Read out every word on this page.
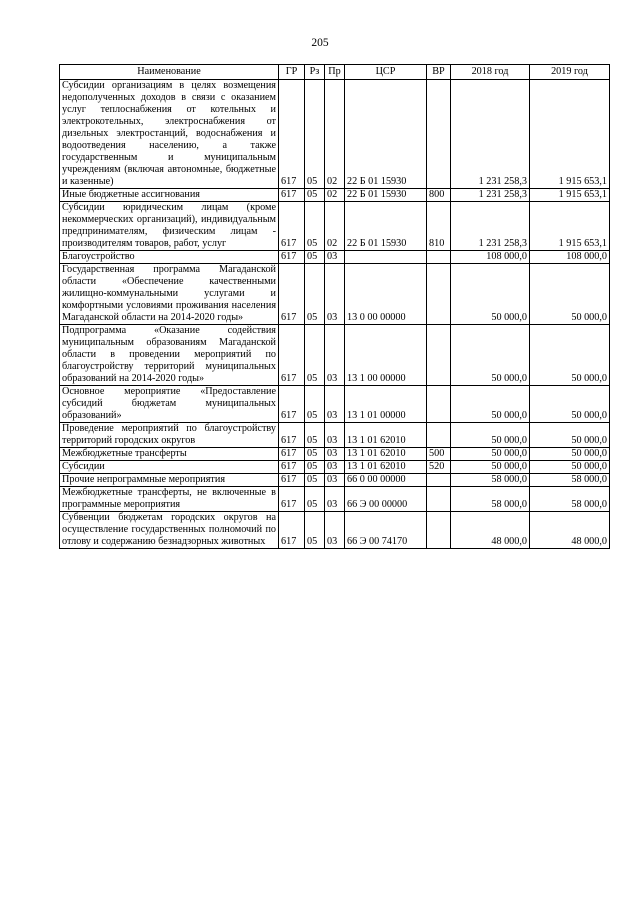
205
Наименование	ГР	Рз	Пр	ЦСР	ВР	2018 год	2019 год
Субсидии организациям в целях возмещения недополученных доходов в связи с оказанием услуг теплоснабжения от котельных и электрокотельных, электроснабжения от дизельных электростанций, водоснабжения и водоотведения населению, а также государственным и муниципальным учреждениям (включая автономные, бюджетные и казенные)	617	05	02	22 Б 01 15930		1 231 258,3	1 915 653,1
Иные бюджетные ассигнования	617	05	02	22 Б 01 15930	800	1 231 258,3	1 915 653,1
Субсидии юридическим лицам (кроме некоммерческих организаций), индивидуальным предпринимателям, физическим лицам - производителям товаров, работ, услуг	617	05	02	22 Б 01 15930	810	1 231 258,3	1 915 653,1
Благоустройство	617	05	03			108 000,0	108 000,0
Государственная программа Магаданской области «Обеспечение качественными жилищно-коммунальными услугами и комфортными условиями проживания населения Магаданской области на 2014-2020 годы»	617	05	03	13 0 00 00000		50 000,0	50 000,0
Подпрограмма «Оказание содействия муниципальным образованиям Магаданской области в проведении мероприятий по благоустройству территорий муниципальных образований на 2014-2020 годы»	617	05	03	13 1 00 00000		50 000,0	50 000,0
Основное мероприятие «Предоставление субсидий бюджетам муниципальных образований»	617	05	03	13 1 01 00000		50 000,0	50 000,0
Проведение мероприятий по благоустройству территорий городских округов	617	05	03	13 1 01 62010		50 000,0	50 000,0
Межбюджетные трансферты	617	05	03	13 1 01 62010	500	50 000,0	50 000,0
Субсидии	617	05	03	13 1 01 62010	520	50 000,0	50 000,0
Прочие непрограммные мероприятия	617	05	03	66 0 00 00000		58 000,0	58 000,0
Межбюджетные трансферты, не включенные в программные мероприятия	617	05	03	66 Э 00 00000		58 000,0	58 000,0
Субвенции бюджетам городских округов на осуществление государственных полномочий по отлову и содержанию безнадзорных животных	617	05	03	66 Э 00 74170		48 000,0	48 000,0
